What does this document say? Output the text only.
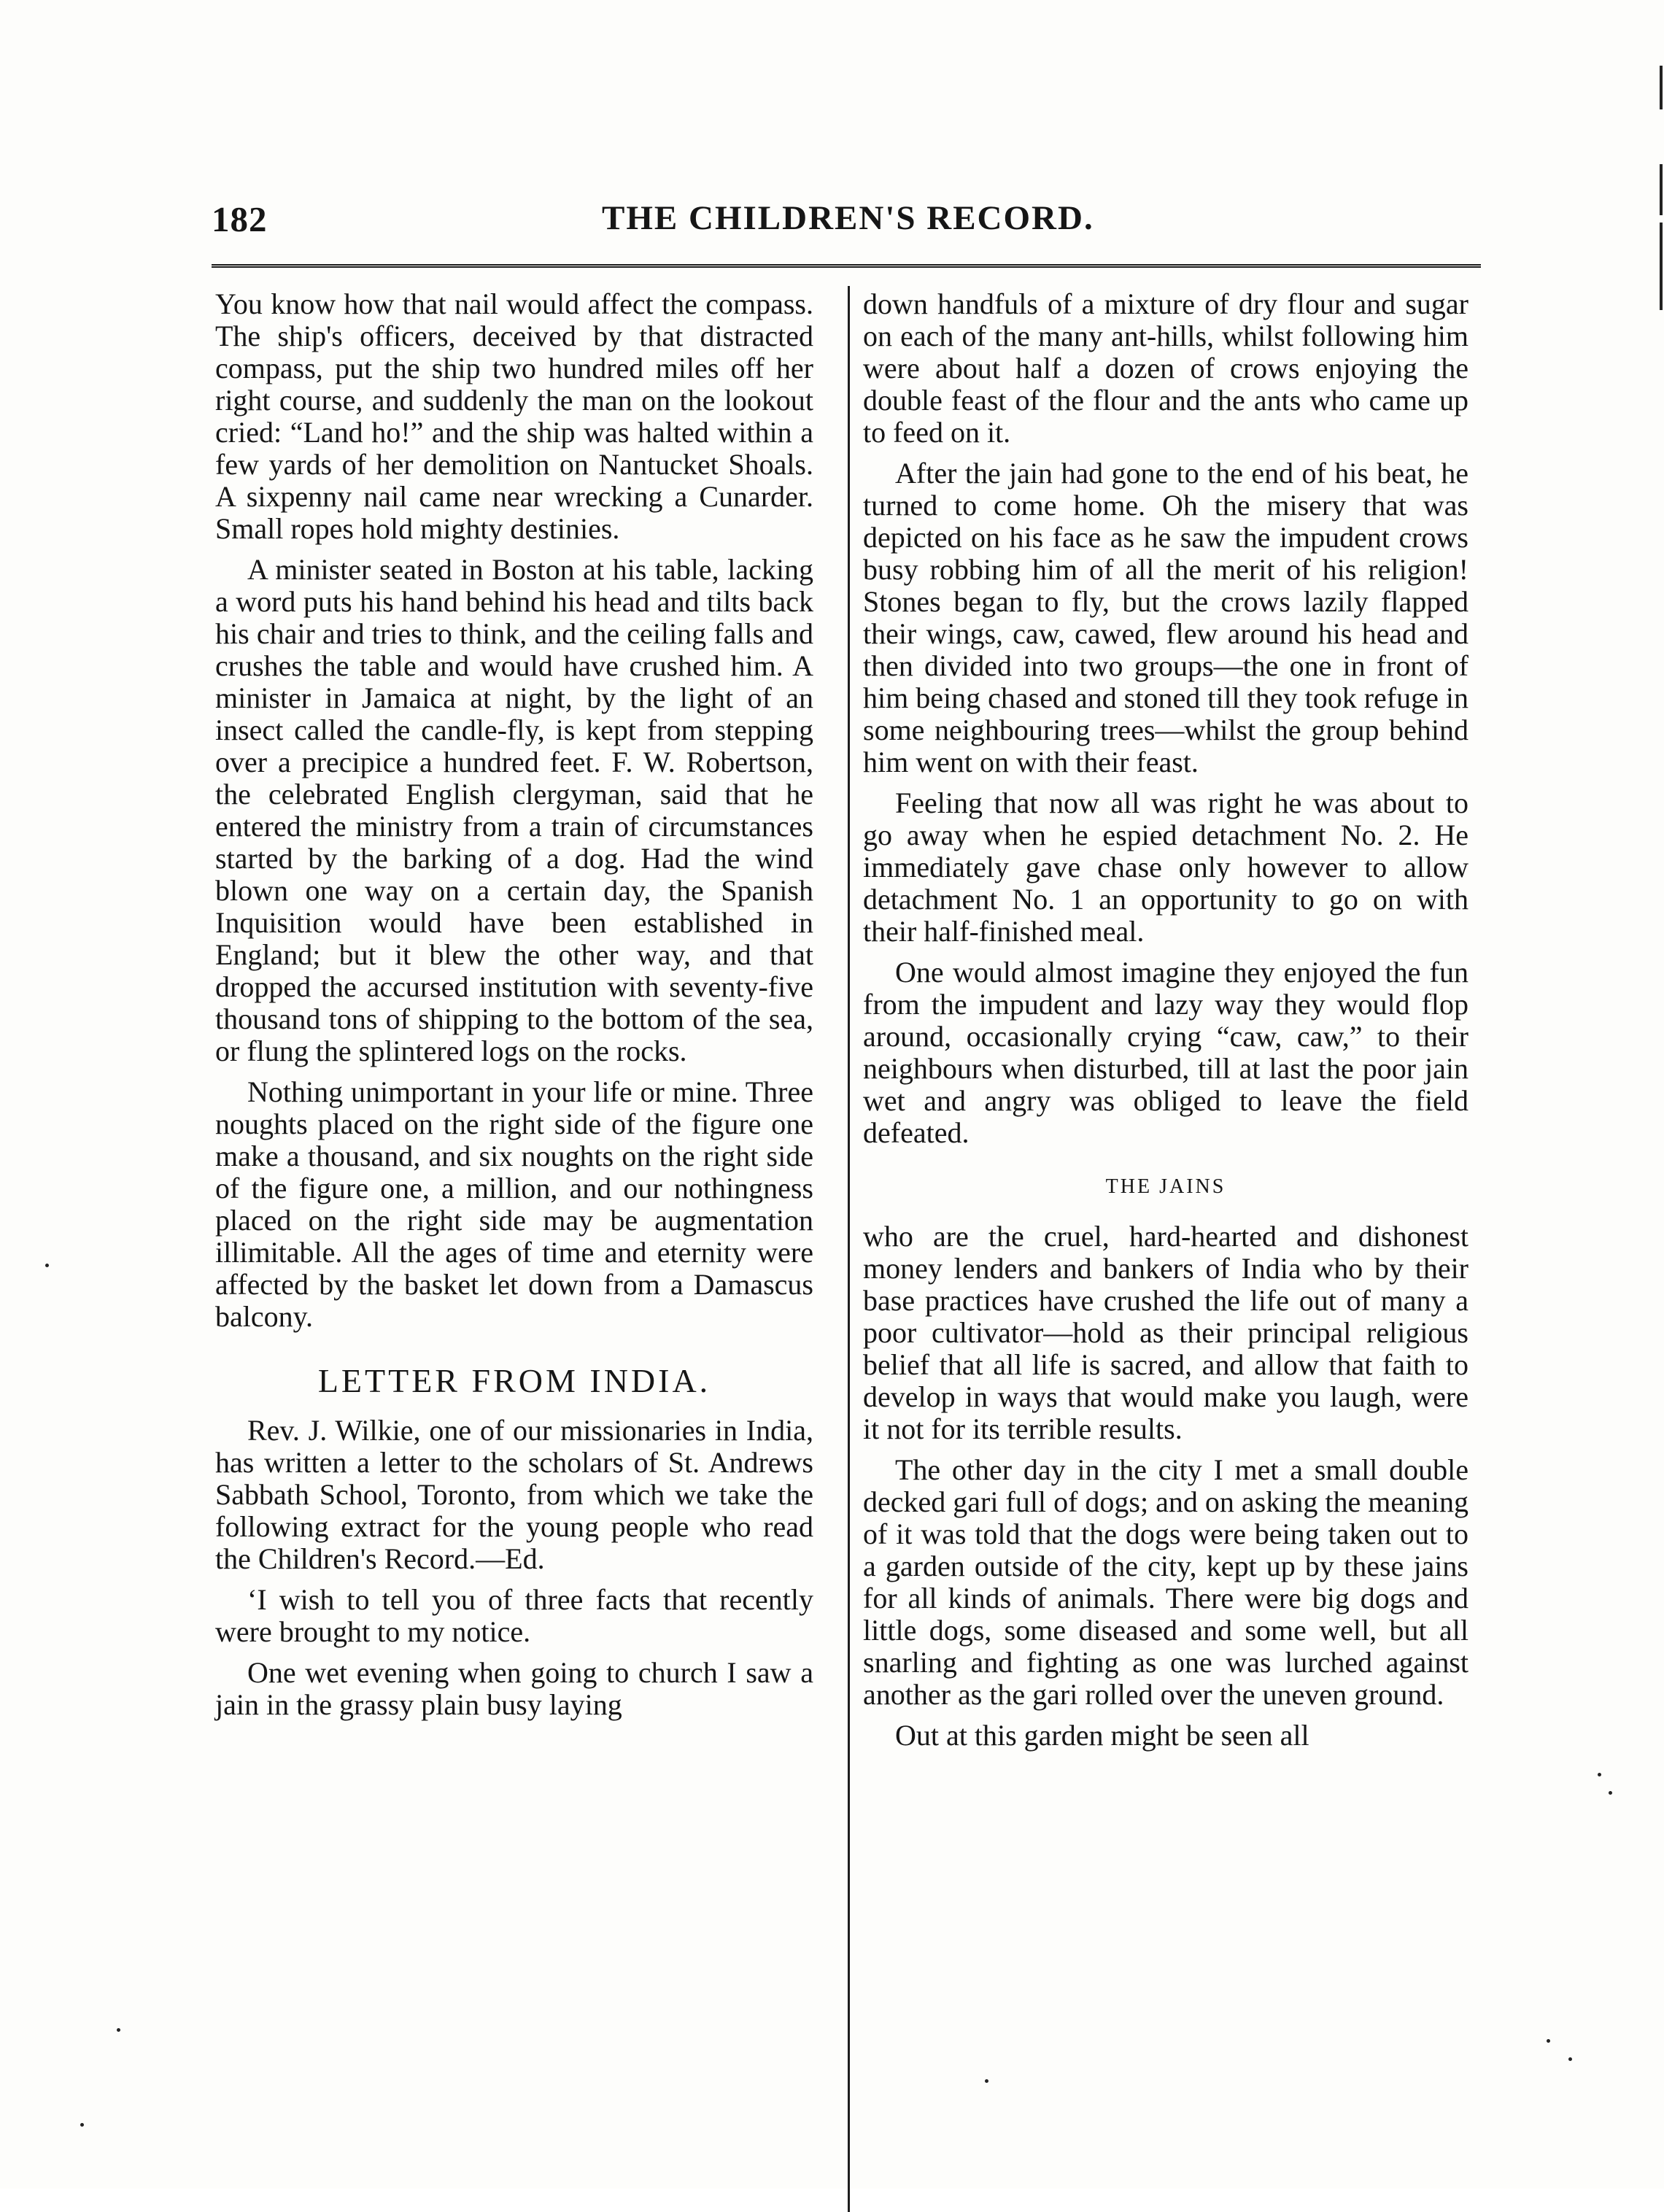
182	THE CHILDREN'S RECORD.

You know how that nail would affect the compass. The ship's officers, deceived by that distracted compass, put the ship two hundred miles off her right course, and suddenly the man on the lookout cried: “Land ho!” and the ship was halted within a few yards of her demolition on Nantucket Shoals. A sixpenny nail came near wrecking a Cunarder. Small ropes hold mighty destinies.

A minister seated in Boston at his table, lacking a word puts his hand behind his head and tilts back his chair and tries to think, and the ceiling falls and crushes the table and would have crushed him. A minister in Jamaica at night, by the light of an insect called the candle-fly, is kept from stepping over a precipice a hundred feet. F. W. Robertson, the celebrated English clergyman, said that he entered the ministry from a train of circumstances started by the barking of a dog. Had the wind blown one way on a certain day, the Spanish Inquisition would have been established in England; but it blew the other way, and that dropped the accursed institution with seventy-five thousand tons of shipping to the bottom of the sea, or flung the splintered logs on the rocks.

Nothing unimportant in your life or mine. Three noughts placed on the right side of the figure one make a thousand, and six noughts on the right side of the figure one, a million, and our nothingness placed on the right side may be augmentation illimitable. All the ages of time and eternity were affected by the basket let down from a Damascus balcony.

LETTER FROM INDIA.

Rev. J. Wilkie, one of our missionaries in India, has written a letter to the scholars of St. Andrews Sabbath School, Toronto, from which we take the following extract for the young people who read the Children's Record.—Ed.

‘I wish to tell you of three facts that recently were brought to my notice.

One wet evening when going to church I saw a jain in the grassy plain busy laying

down handfuls of a mixture of dry flour and sugar on each of the many ant-hills, whilst following him were about half a dozen of crows enjoying the double feast of the flour and the ants who came up to feed on it.

After the jain had gone to the end of his beat, he turned to come home. Oh the misery that was depicted on his face as he saw the impudent crows busy robbing him of all the merit of his religion! Stones began to fly, but the crows lazily flapped their wings, caw, cawed, flew around his head and then divided into two groups—the one in front of him being chased and stoned till they took refuge in some neighbouring trees—whilst the group behind him went on with their feast.

Feeling that now all was right he was about to go away when he espied detachment No. 2. He immediately gave chase only however to allow detachment No. 1 an opportunity to go on with their half-finished meal.

One would almost imagine they enjoyed the fun from the impudent and lazy way they would flop around, occasionally crying “caw, caw,” to their neighbours when disturbed, till at last the poor jain wet and angry was obliged to leave the field defeated.

THE JAINS

who are the cruel, hard-hearted and dishonest money lenders and bankers of India who by their base practices have crushed the life out of many a poor cultivator—hold as their principal religious belief that all life is sacred, and allow that faith to develop in ways that would make you laugh, were it not for its terrible results.

The other day in the city I met a small double decked gari full of dogs; and on asking the meaning of it was told that the dogs were being taken out to a garden outside of the city, kept up by these jains for all kinds of animals. There were big dogs and little dogs, some diseased and some well, but all snarling and fighting as one was lurched against another as the gari rolled over the uneven ground.

Out at this garden might be seen all
